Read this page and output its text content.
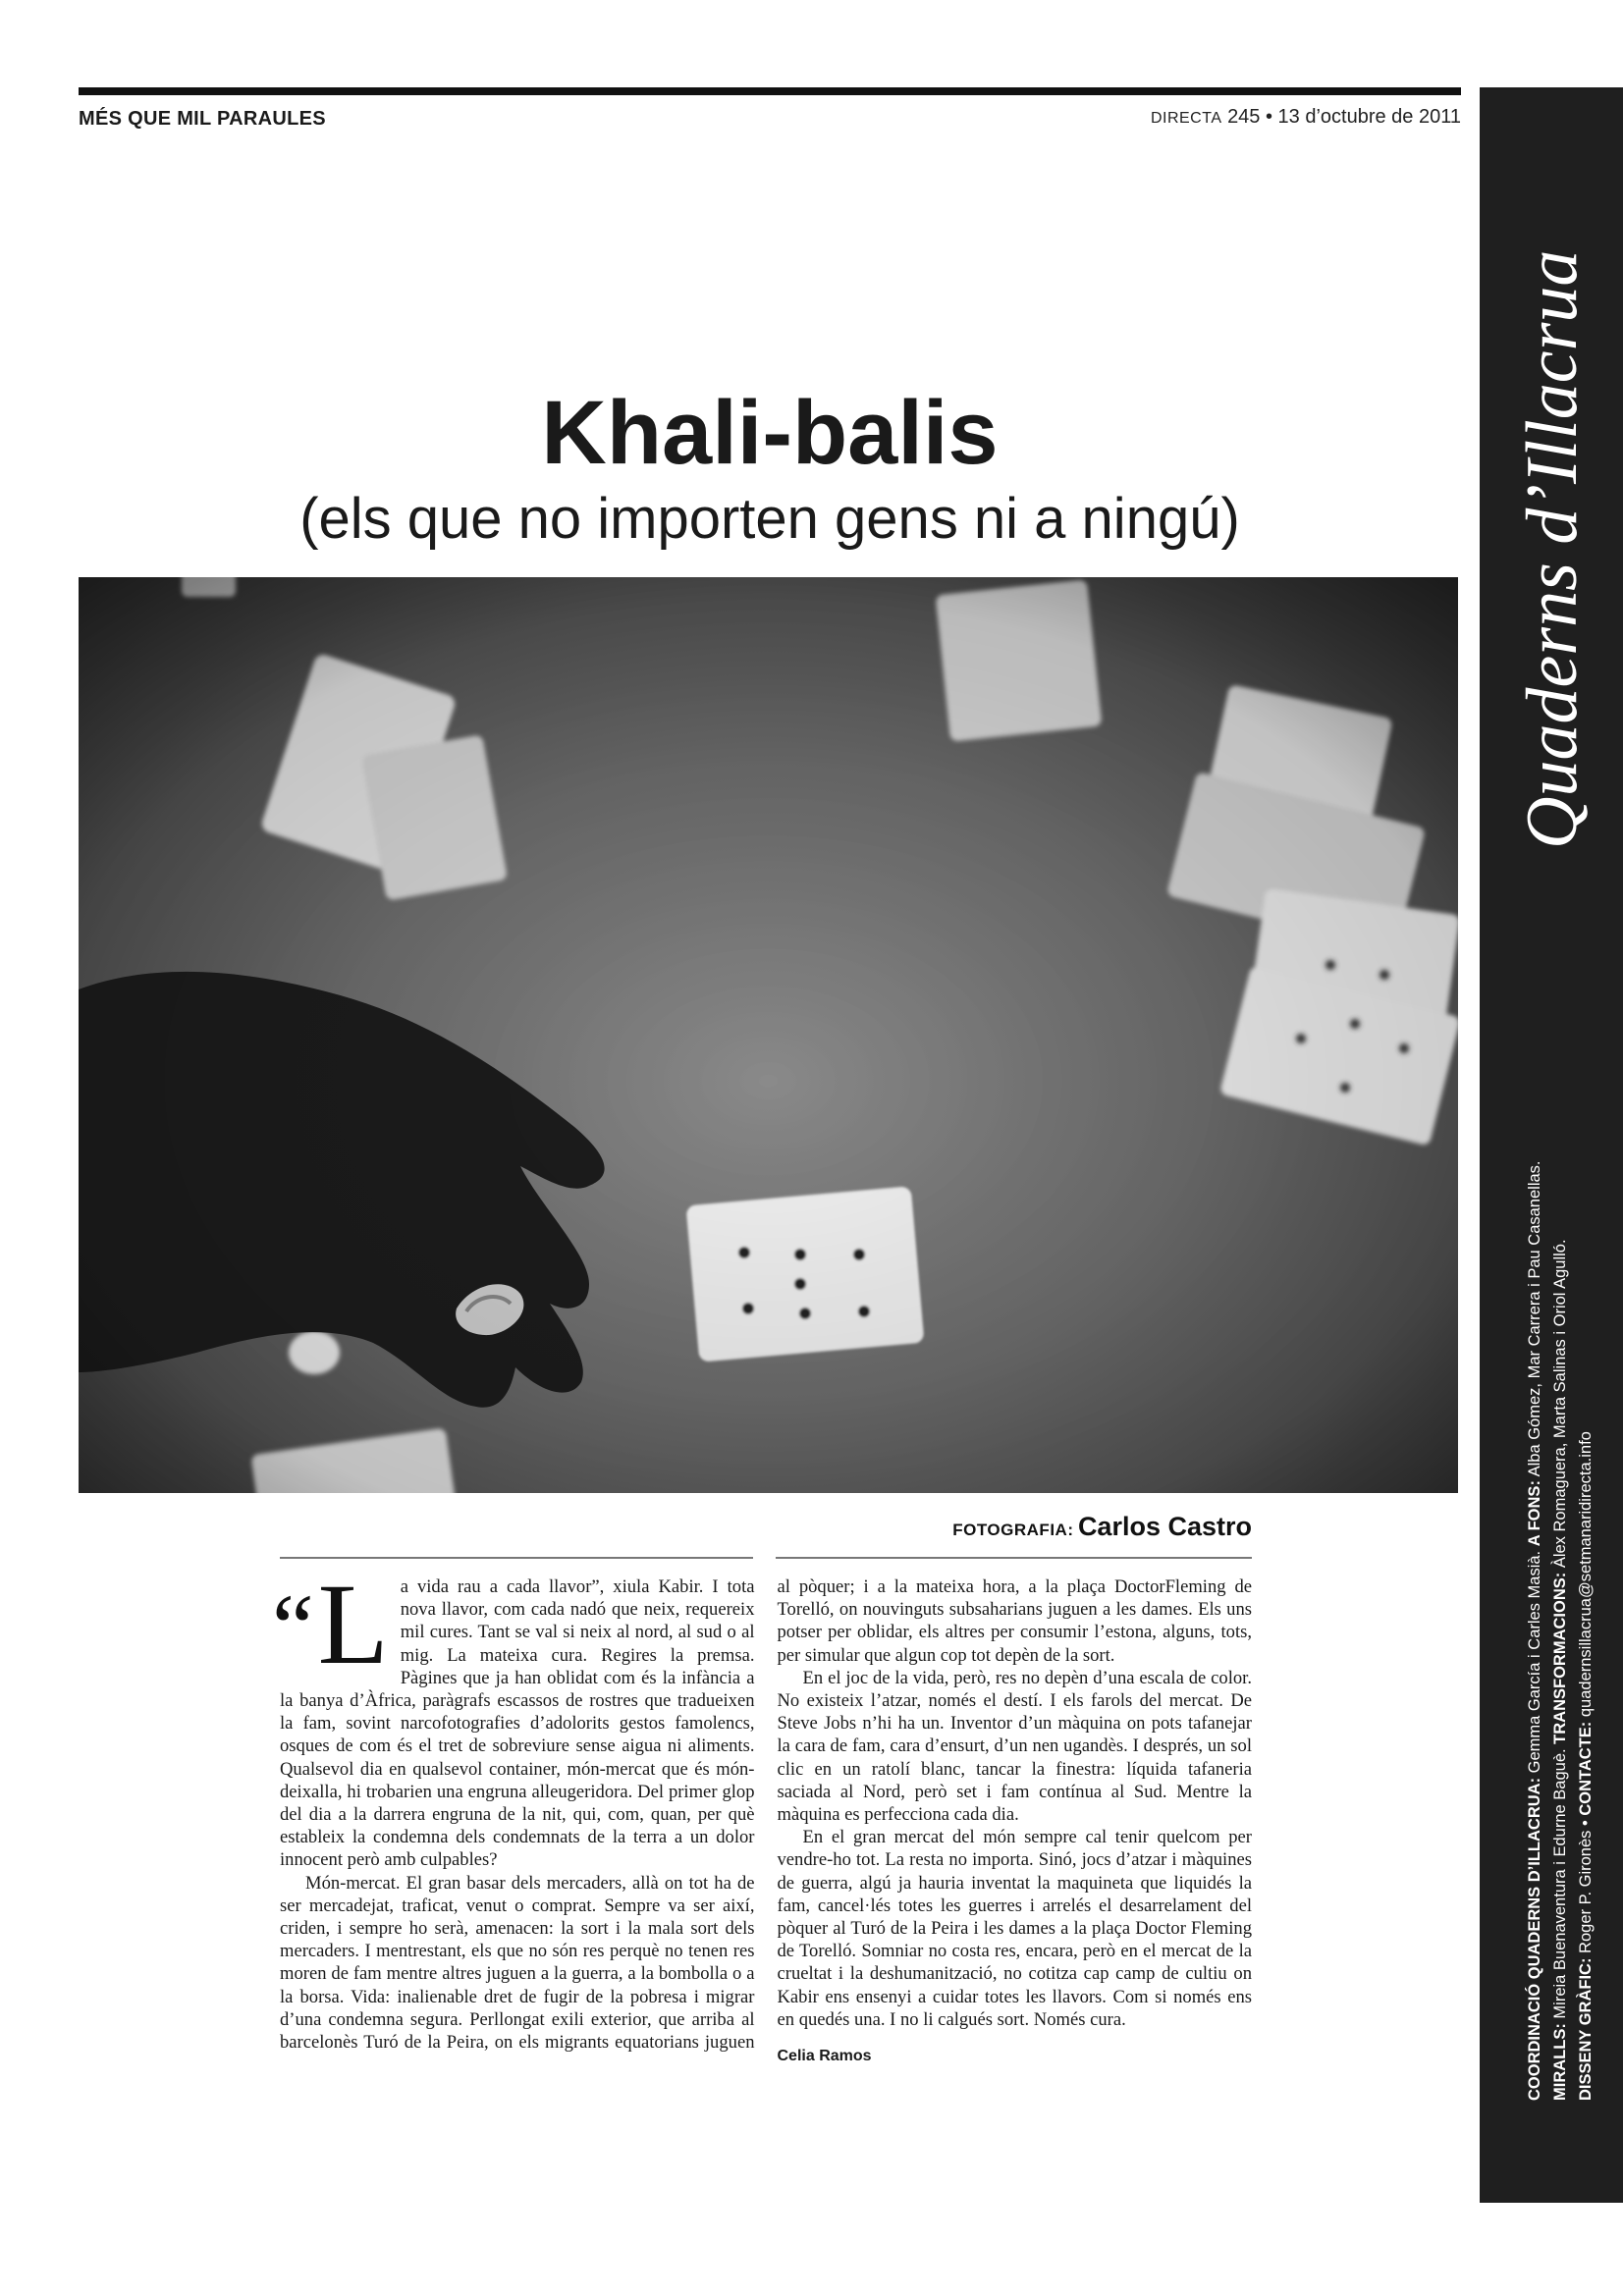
MÉS QUE MIL PARAULES	DIRECTA 245 • 13 d’octubre de 2011
Khali-balis
(els que no importen gens ni a ningú)
FOTOGRAFIA: Carlos Castro

“ L a vida rau a cada llavor”, xiula Kabir. I tota nova llavor, com cada nadó que neix, requereix mil cures. Tant se val si neix al nord, al sud o al mig. La mateixa cura. Regires la premsa. Pàgines que ja han oblidat com és la infància a la banya d’Àfrica, paràgrafs escassos de rostres que tradueixen la fam, sovint narcofotografies d’adolorits gestos famolencs, osques de com és el tret de sobreviure sense aigua ni aliments. Qualsevol dia en qualsevol container, món-mercat que és món-deixalla, hi trobarien una engruna alleugeridora. Del primer glop del dia a la darrera engruna de la nit, qui, com, quan, per què estableix la condemna dels condemnats de la terra a un dolor innocent però amb culpables?

Món-mercat. El gran basar dels mercaders, allà on tot ha de ser mercadejat, traficat, venut o comprat. Sempre va ser així, criden, i sempre ho serà, amenacen: la sort i la mala sort dels mercaders. I mentrestant, els que no són res perquè no tenen res moren de fam mentre altres juguen a la guerra, a la bombolla o a la borsa. Vida: inalienable dret de fugir de la pobresa i migrar d’una condemna segura. Perllongat exili exterior, que arriba al barcelonès Turó de la Peira, on els migrants equatorians juguen al pòquer; i a la mateixa hora, a la plaça DoctorFleming de Torelló, on nouvinguts subsaharians juguen a les dames. Els uns potser per oblidar, els altres per consumir l’estona, alguns, tots, per simular que algun cop tot depèn de la sort.

En el joc de la vida, però, res no depèn d’una escala de color. No existeix l’atzar, només el destí. I els farols del mercat. De Steve Jobs n’hi ha un. Inventor d’un màquina on pots tafanejar la cara de fam, cara d’ensurt, d’un nen ugandès. I després, un sol clic en un ratolí blanc, tancar la finestra: líquida tafaneria saciada al Nord, però set i fam contínua al Sud. Mentre la màquina es perfecciona cada dia.

En el gran mercat del món sempre cal tenir quelcom per vendre-ho tot. La resta no importa. Sinó, jocs d’atzar i màquines de guerra, algú ja hauria inventat la maquineta que liquidés la fam, cancel·lés totes les guerres i arrelés el desarrelament del pòquer al Turó de la Peira i les dames a la plaça Doctor Fleming de Torelló. Somniar no costa res, encara, però en el mercat de la crueltat i la deshumanització, no cotitza cap camp de cultiu on Kabir ens ensenyi a cuidar totes les llavors. Com si només ens en quedés una. I no li calgués sort. Només cura.

Celia Ramos
Quaderns d’Illacrua
COORDINACIÓ QUADERNS D’ILLACRUA: Gemma García i Carles Masià. A FONS: Alba Gómez, Mar Carrera i Pau Casanellas.
MIRALLS: Mireia Buenaventura i Edurne Baguè. TRANSFORMACIONS: Àlex Romaguera, Marta Salinas i Oriol Agulló.
DISSENY GRÀFIC: Roger P. Gironès • CONTACTE: quadernsillacrua@setmanaridirecta.info
